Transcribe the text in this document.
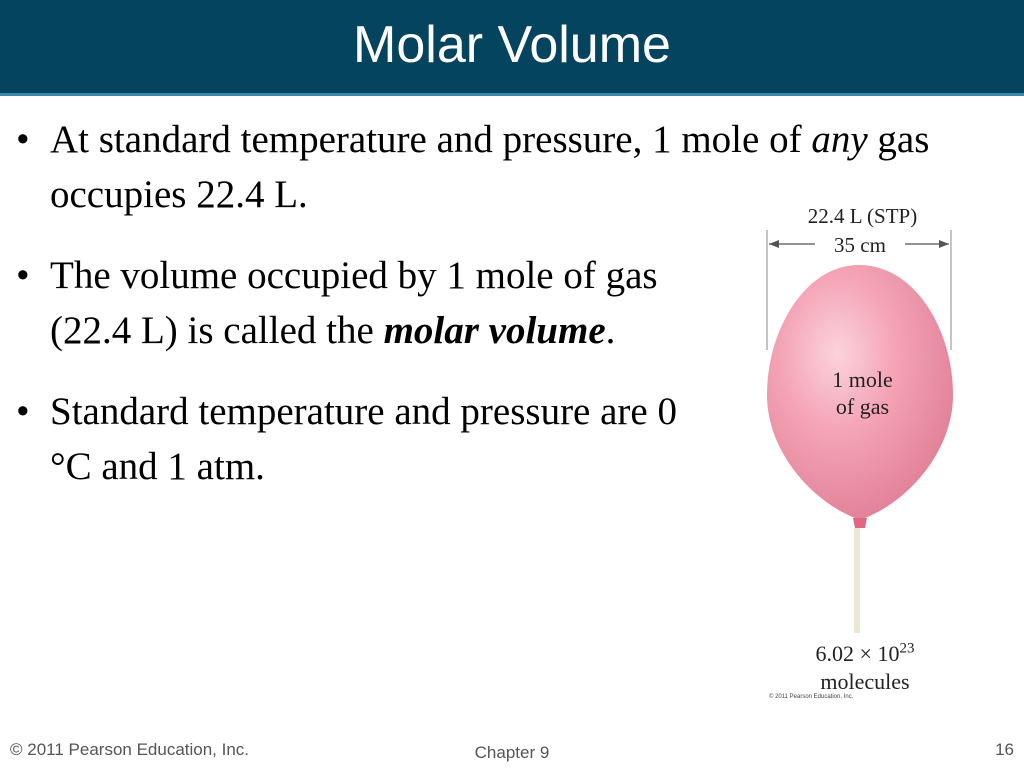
Molar Volume
• At standard temperature and pressure, 1 mole of any gas occupies 22.4 L.
• The volume occupied by 1 mole of gas (22.4 L) is called the molar volume.
• Standard temperature and pressure are 0 °C and 1 atm.
22.4 L (STP)
35 cm
1 mole
of gas
$6.02 \times 10^{23}$
molecules
© 2011 Pearson Education, Inc.
© 2011 Pearson Education, Inc.	Chapter 9	16
